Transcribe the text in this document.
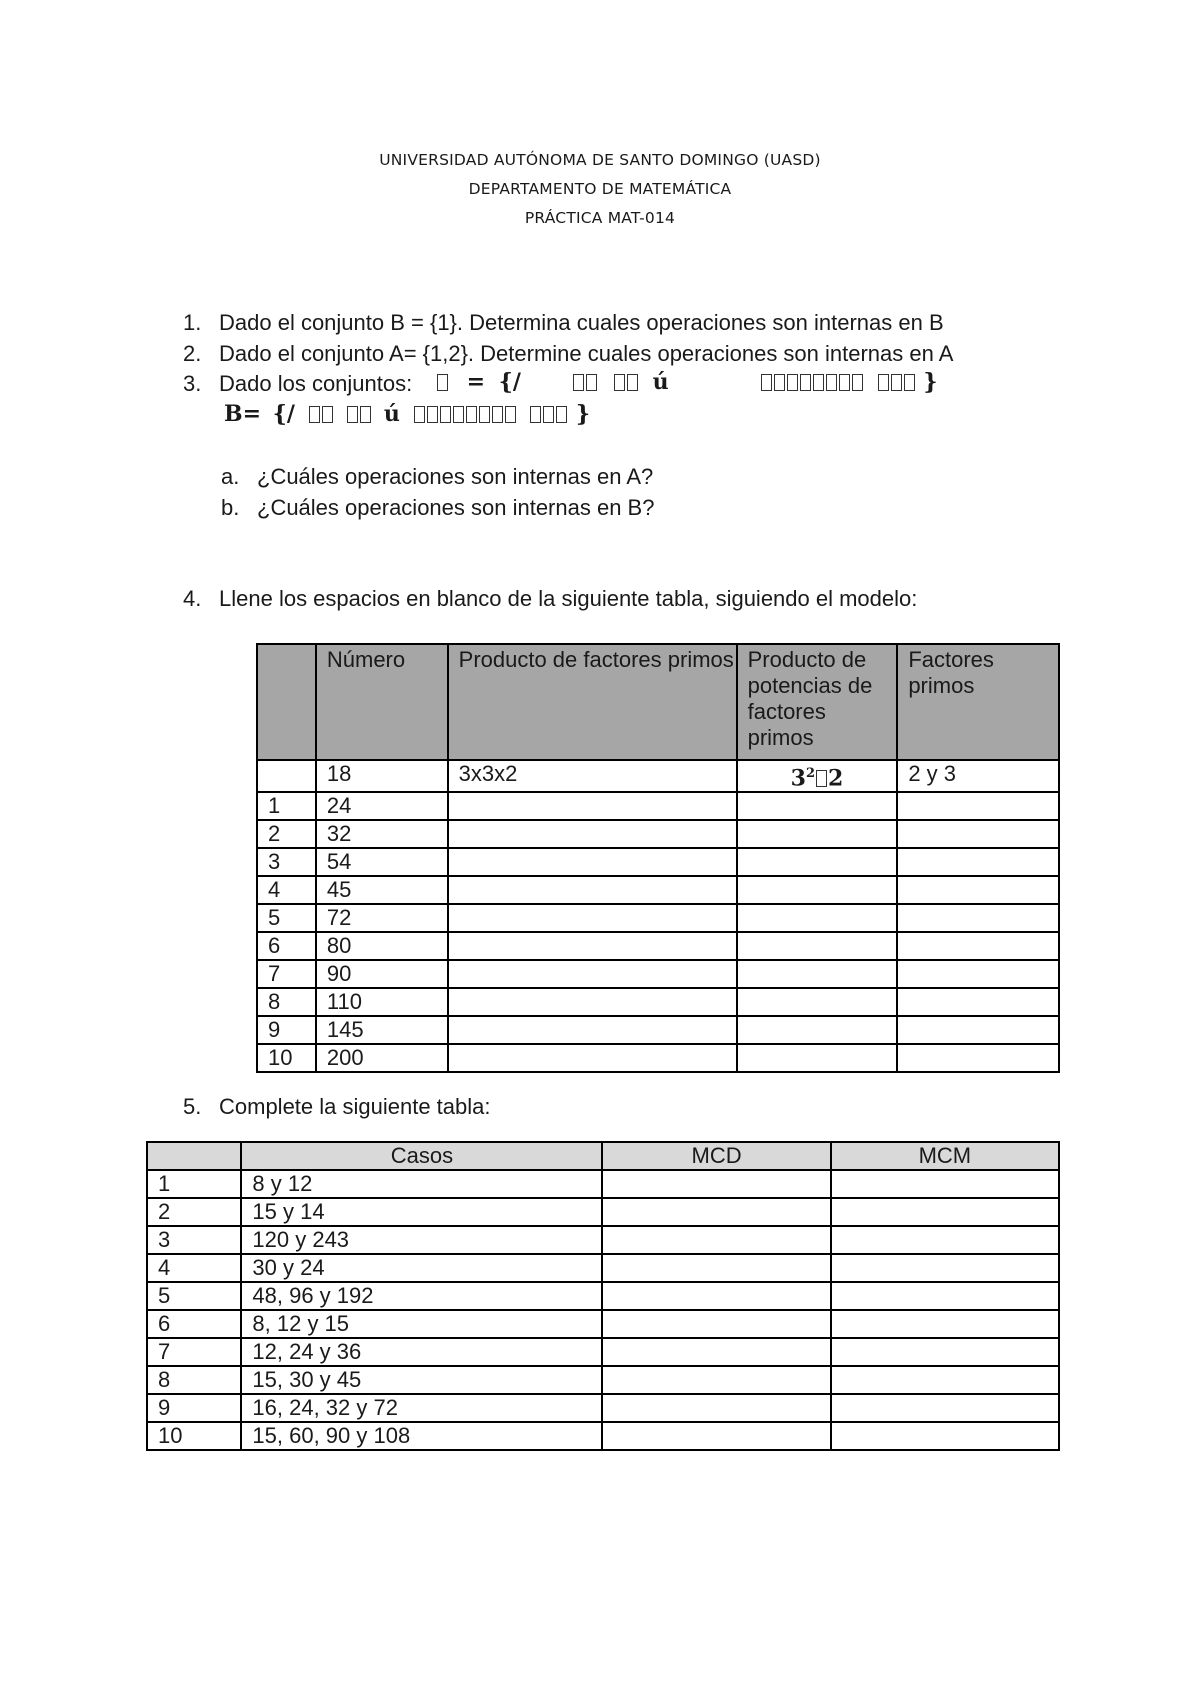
UNIVERSIDAD AUTÓNOMA DE SANTO DOMINGO (UASD)
DEPARTAMENTO DE MATEMÁTICA
PRÁCTICA MAT-014
1. Dado el conjunto B = {1}. Determina cuales operaciones son internas en B
2. Dado el conjunto A= {1,2}. Determine cuales operaciones son internas en A
3. Dado los conjuntos:	= {/	ú	}
B= {/	ú	}
a. ¿Cuáles operaciones son internas en A?
b. ¿Cuáles operaciones son internas en B?
4. Llene los espacios en blanco de la siguiente tabla, siguiendo el modelo:
	Número	Producto de factores primos	Producto de potencias de factores primos	Factores primos
	18	3x3x2	$3^2$ 2	2 y 3
1	24			
2	32			
3	54			
4	45			
5	72			
6	80			
7	90			
8	110			
9	145			
10	200			
5. Complete la siguiente tabla:
	Casos	MCD	MCM
1	8 y 12		
2	15 y 14		
3	120 y 243		
4	30 y 24		
5	48, 96 y 192		
6	8, 12 y 15		
7	12, 24 y 36		
8	15, 30 y 45		
9	16, 24, 32 y 72		
10	15, 60, 90 y 108		
